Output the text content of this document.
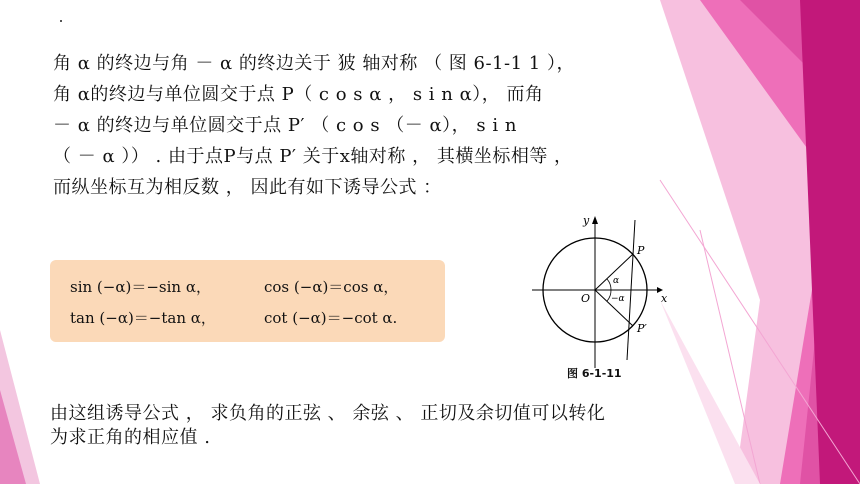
角 α 的终边与角 － α 的终边关于 狓 轴对称 （ 图 6-1-1 1 ），
角 α的终边与单位圆交于点 P（ c o s α ， s i n α）， 而角
－ α 的终边与单位圆交于点 P′ （ c o s （－ α）， s i n
（ － α ）） . 由于点P与点 P′ 关于x轴对称 ， 其横坐标相等 ，
而纵坐标互为相反数 ， 因此有如下诱导公式 ：

sin (−α)＝−sin α，	cos (−α)＝cos α，
tan (−α)＝−tan α，	cot (−α)＝−cot α.
y
x
O
P
P′
α
−α
图 6-1-11

由这组诱导公式 ， 求负角的正弦 、 余弦 、 正切及余切值可以转化
为求正角的相应值 .
